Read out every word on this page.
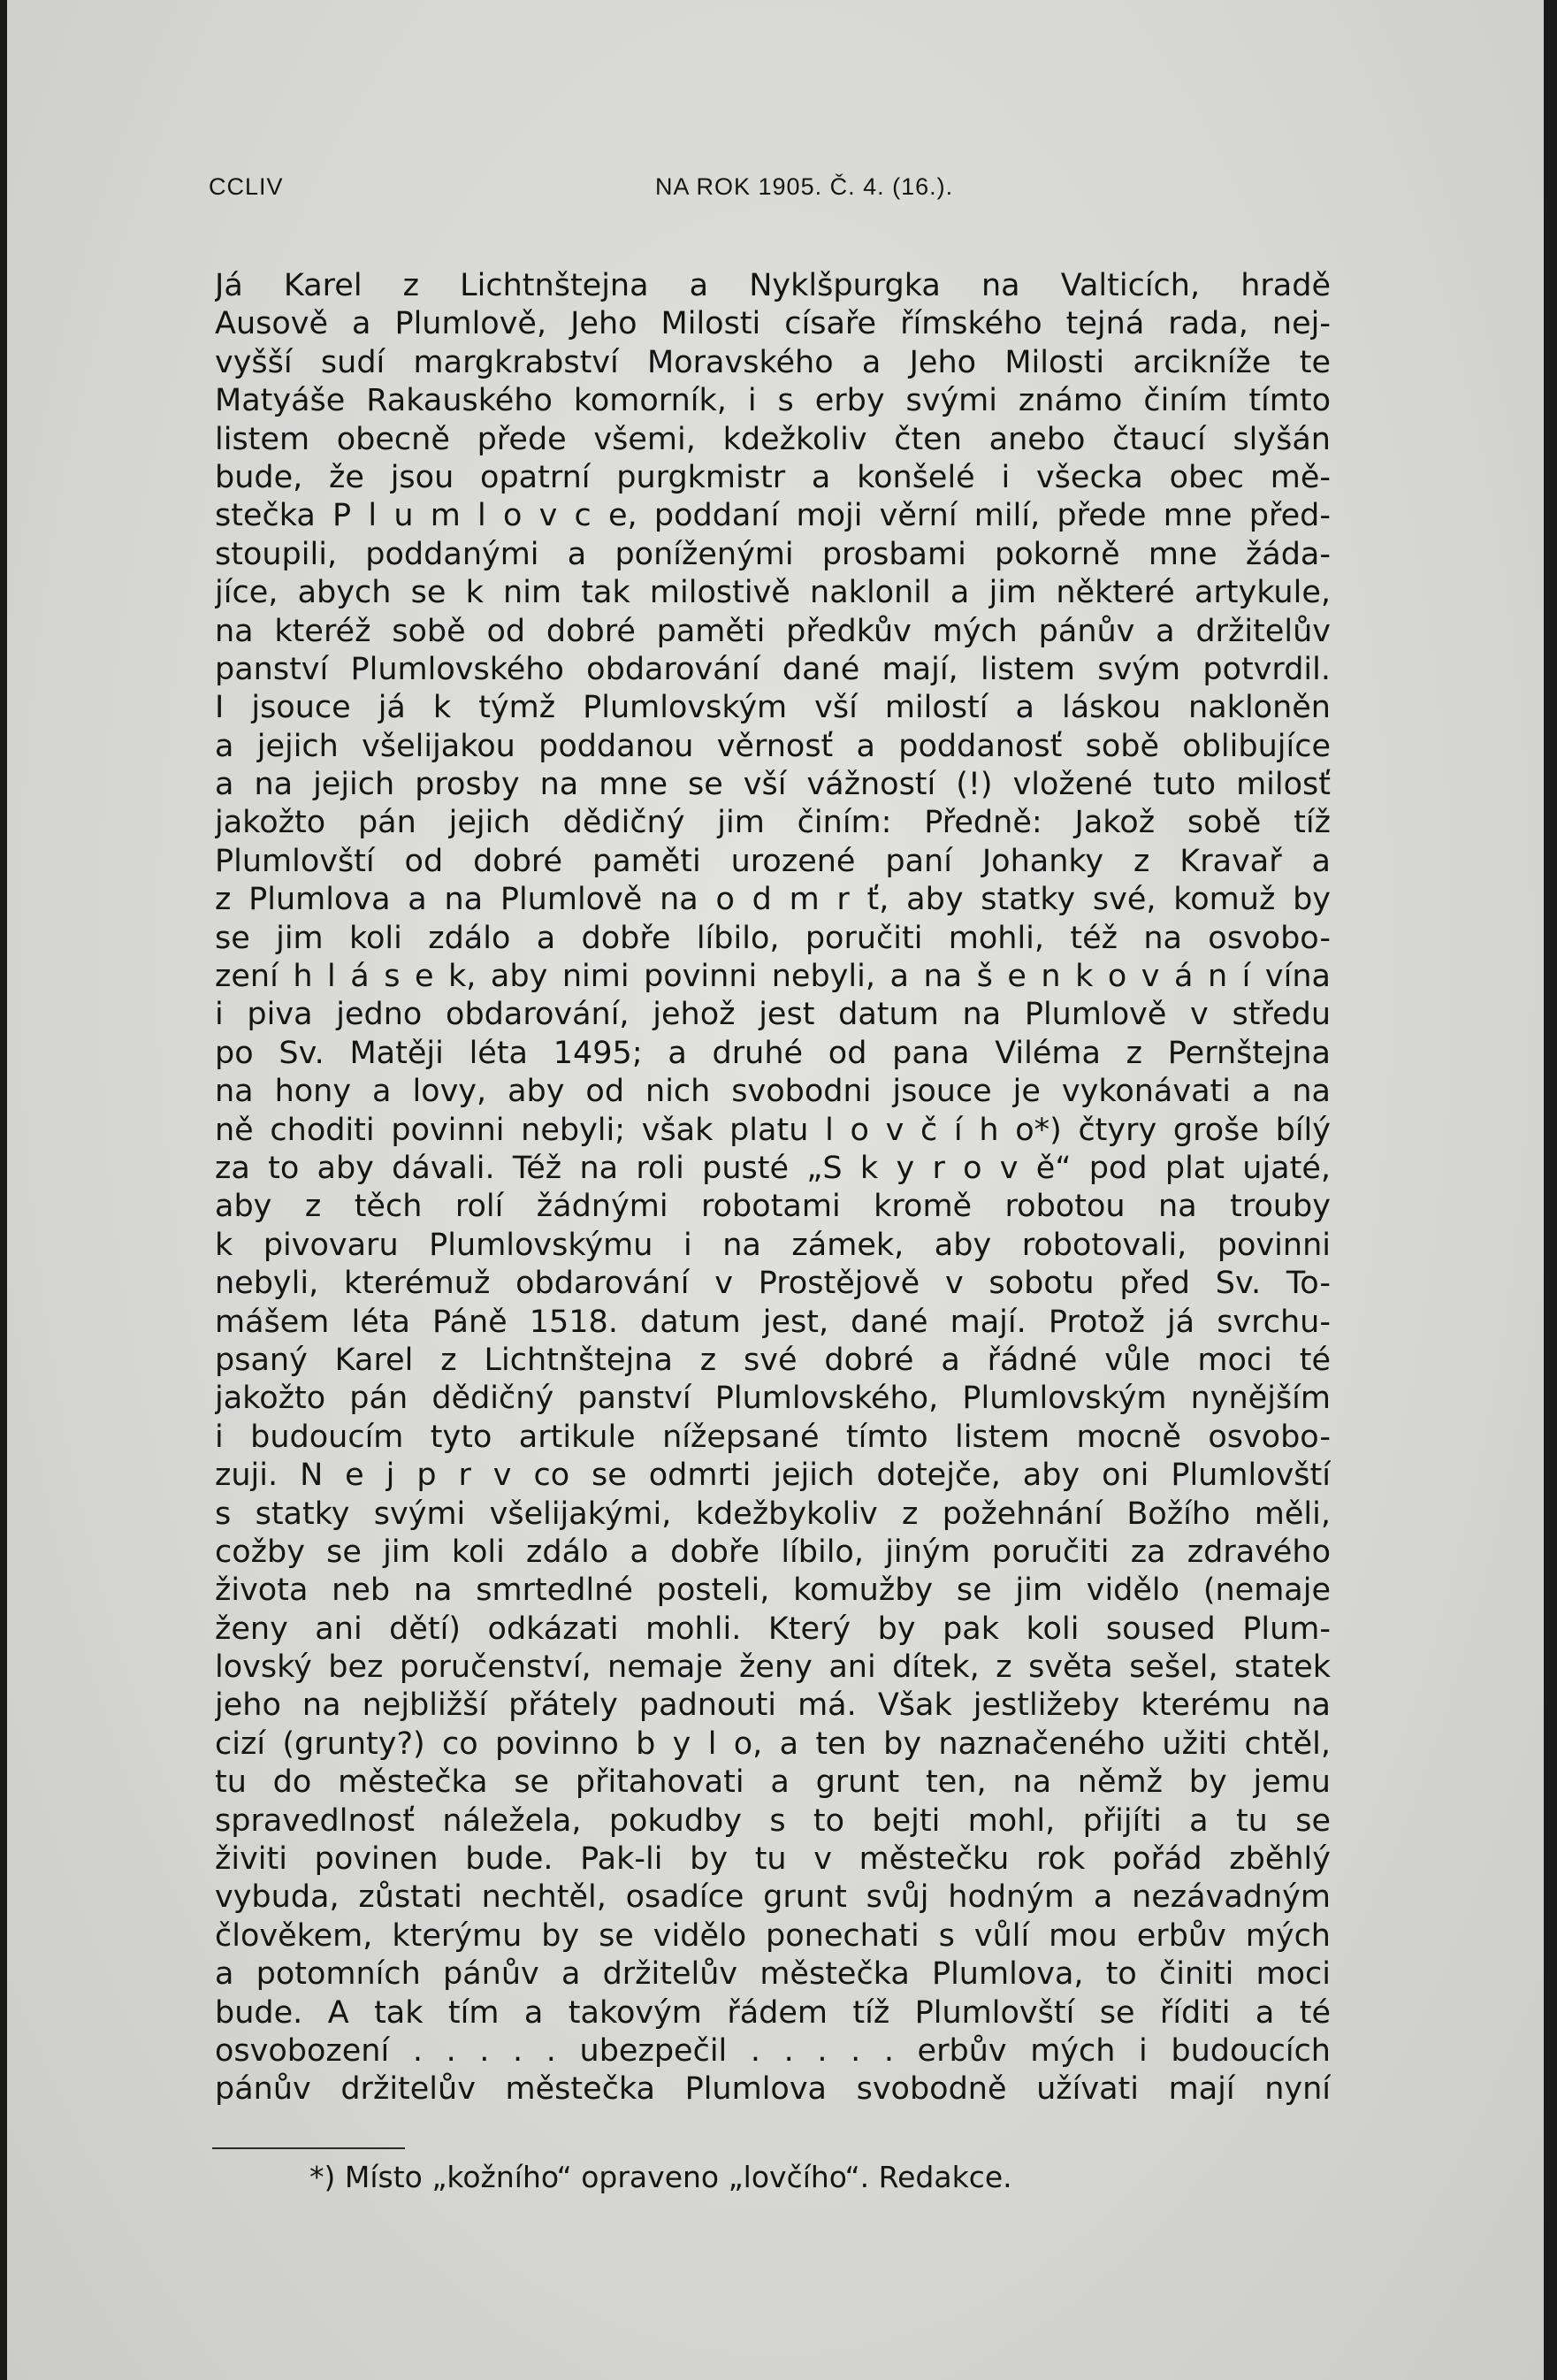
CCLIV	NA ROK 1905. Č. 4. (16.).
Já Karel z Lichtnštejna a Nyklšpurgka na Valticích, hradě
Ausově a Plumlově, Jeho Milosti císaře římského tejná rada, nej-
vyšší sudí margkrabství Moravského a Jeho Milosti arcikníže te
Matyáše Rakauského komorník, i s erby svými známo činím tímto
listem obecně přede všemi, kdežkoliv čten anebo čtaucí slyšán
bude, že jsou opatrní purgkmistr a konšelé i všecka obec mě-
stečka P l u m l o v c e, poddaní moji věrní milí, přede mne před-
stoupili, poddanými a poníženými prosbami pokorně mne žáda-
jíce, abych se k nim tak milostivě naklonil a jim některé artykule,
na kteréž sobě od dobré paměti předkův mých pánův a držitelův
panství Plumlovského obdarování dané mají, listem svým potvrdil.
I jsouce já k týmž Plumlovským vší milostí a láskou nakloněn
a jejich všelijakou poddanou věrnosť a poddanosť sobě oblibujíce
a na jejich prosby na mne se vší vážností (!) vložené tuto milosť
jakožto pán jejich dědičný jim činím: Předně: Jakož sobě tíž
Plumlovští od dobré paměti urozené paní Johanky z Kravař a
z Plumlova a na Plumlově na o d m r ť, aby statky své, komuž by
se jim koli zdálo a dobře líbilo, poručiti mohli, též na osvobo-
zení h l á s e k, aby nimi povinni nebyli, a na š e n k o v á n í vína
i piva jedno obdarování, jehož jest datum na Plumlově v středu
po Sv. Matěji léta 1495; a druhé od pana Viléma z Pernštejna
na hony a lovy, aby od nich svobodni jsouce je vykonávati a na
ně choditi povinni nebyli; však platu l o v č í h o*) čtyry groše bílý
za to aby dávali. Též na roli pusté „S k y r o v ě“ pod plat ujaté,
aby z těch rolí žádnými robotami kromě robotou na trouby
k pivovaru Plumlovskýmu i na zámek, aby robotovali, povinni
nebyli, kterémuž obdarování v Prostějově v sobotu před Sv. To-
mášem léta Páně 1518. datum jest, dané mají. Protož já svrchu-
psaný Karel z Lichtnštejna z své dobré a řádné vůle moci té
jakožto pán dědičný panství Plumlovského, Plumlovským nynějším
i budoucím tyto artikule nížepsané tímto listem mocně osvobo-
zuji. N e j p r v co se odmrti jejich dotejče, aby oni Plumlovští
s statky svými všelijakými, kdežbykoliv z požehnání Božího měli,
cožby se jim koli zdálo a dobře líbilo, jiným poručiti za zdravého
života neb na smrtedlné posteli, komužby se jim vidělo (nemaje
ženy ani dětí) odkázati mohli. Který by pak koli soused Plum-
lovský bez poručenství, nemaje ženy ani dítek, z světa sešel, statek
jeho na nejbližší přátely padnouti má. Však jestližeby kterému na
cizí (grunty?) co povinno b y l o, a ten by naznačeného užiti chtěl,
tu do městečka se přitahovati a grunt ten, na němž by jemu
spravedlnosť náležela, pokudby s to bejti mohl, přijíti a tu se
živiti povinen bude. Pak-li by tu v městečku rok pořád zběhlý
vybuda, zůstati nechtěl, osadíce grunt svůj hodným a nezávadným
člověkem, kterýmu by se vidělo ponechati s vůlí mou erbův mých
a potomních pánův a držitelův městečka Plumlova, to činiti moci
bude. A tak tím a takovým řádem tíž Plumlovští se říditi a té
osvobození . . . . . ubezpečil . . . . . erbův mých i budoucích
pánův držitelův městečka Plumlova svobodně užívati mají nyní
*) Místo „kožního“ opraveno „lovčího“. Redakce.
